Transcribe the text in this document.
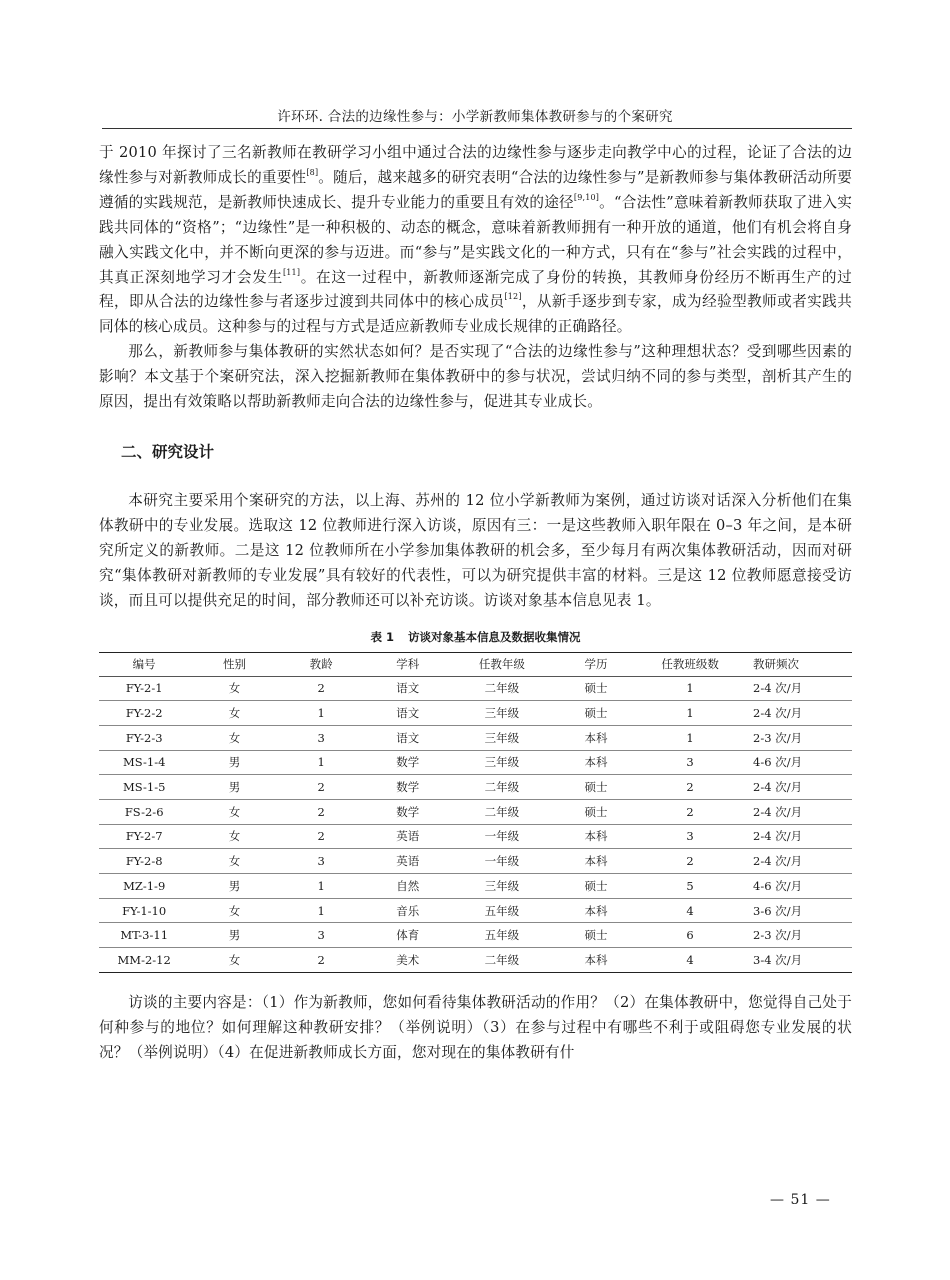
许环环. 合法的边缘性参与：小学新教师集体教研参与的个案研究

于 2010 年探讨了三名新教师在教研学习小组中通过合法的边缘性参与逐步走向教学中心的过程，论证了合法的边缘性参与对新教师成长的重要性[8]。随后，越来越多的研究表明“合法的边缘性参与”是新教师参与集体教研活动所要遵循的实践规范，是新教师快速成长、提升专业能力的重要且有效的途径[9,10]。“合法性”意味着新教师获取了进入实践共同体的“资格”；“边缘性”是一种积极的、动态的概念，意味着新教师拥有一种开放的通道，他们有机会将自身融入实践文化中，并不断向更深的参与迈进。而“参与”是实践文化的一种方式，只有在“参与”社会实践的过程中，其真正深刻地学习才会发生[11]。在这一过程中，新教师逐渐完成了身份的转换，其教师身份经历不断再生产的过程，即从合法的边缘性参与者逐步过渡到共同体中的核心成员[12]，从新手逐步到专家，成为经验型教师或者实践共同体的核心成员。这种参与的过程与方式是适应新教师专业成长规律的正确路径。

那么，新教师参与集体教研的实然状态如何？是否实现了“合法的边缘性参与”这种理想状态？受到哪些因素的影响？本文基于个案研究法，深入挖掘新教师在集体教研中的参与状况，尝试归纳不同的参与类型，剖析其产生的原因，提出有效策略以帮助新教师走向合法的边缘性参与，促进其专业成长。

二、研究设计

本研究主要采用个案研究的方法，以上海、苏州的 12 位小学新教师为案例，通过访谈对话深入分析他们在集体教研中的专业发展。选取这 12 位教师进行深入访谈，原因有三：一是这些教师入职年限在 0–3 年之间，是本研究所定义的新教师。二是这 12 位教师所在小学参加集体教研的机会多，至少每月有两次集体教研活动，因而对研究“集体教研对新教师的专业发展”具有较好的代表性，可以为研究提供丰富的材料。三是这 12 位教师愿意接受访谈，而且可以提供充足的时间，部分教师还可以补充访谈。访谈对象基本信息见表 1。

表 1 访谈对象基本信息及数据收集情况
编号	性别	教龄	学科	任教年级	学历	任教班级数	教研频次
FY-2-1	女	2	语文	二年级	硕士	1	2-4 次/月
FY-2-2	女	1	语文	三年级	硕士	1	2-4 次/月
FY-2-3	女	3	语文	三年级	本科	1	2-3 次/月
MS-1-4	男	1	数学	三年级	本科	3	4-6 次/月
MS-1-5	男	2	数学	二年级	硕士	2	2-4 次/月
FS-2-6	女	2	数学	二年级	硕士	2	2-4 次/月
FY-2-7	女	2	英语	一年级	本科	3	2-4 次/月
FY-2-8	女	3	英语	一年级	本科	2	2-4 次/月
MZ-1-9	男	1	自然	三年级	硕士	5	4-6 次/月
FY-1-10	女	1	音乐	五年级	本科	4	3-6 次/月
MT-3-11	男	3	体育	五年级	硕士	6	2-3 次/月
MM-2-12	女	2	美术	二年级	本科	4	3-4 次/月

访谈的主要内容是：（1）作为新教师，您如何看待集体教研活动的作用？（2）在集体教研中，您觉得自己处于何种参与的地位？如何理解这种教研安排？（举例说明）（3）在参与过程中有哪些不利于或阻碍您专业发展的状况？（举例说明）（4）在促进新教师成长方面，您对现在的集体教研有什

— 51 —
